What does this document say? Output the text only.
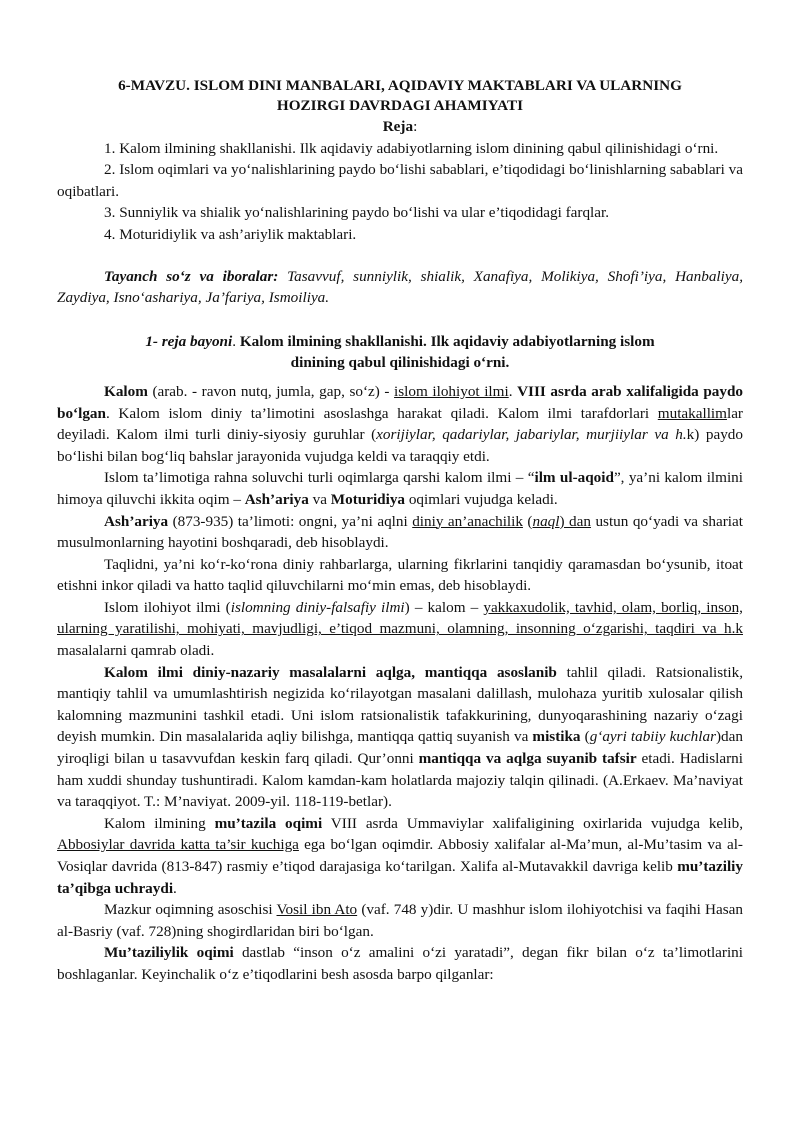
6-MAVZU. ISLOM DINI MANBALARI, AQIDAVIY MAKTABLARI VA ULARNING

HOZIRGI DAVRDAGI AHAMIYATI

Reja:

1. Kalom ilmining shakllanishi. Ilk aqidaviy adabiyotlarning islom dinining qabul qilinishidagi o‘rni.

2. Islom oqimlari va yo‘nalishlarining paydo bo‘lishi sabablari, e’tiqodidagi bo‘linishlarning sabablari va oqibatlari.

3. Sunniylik va shialik yo‘nalishlarining paydo bo‘lishi va ular e’tiqodidagi farqlar.

4. Moturidiylik va ash’ariylik maktablari.

Tayanch so‘z va iboralar: Tasavvuf, sunniylik, shialik, Xanafiya, Molikiya, Shofi’iya, Hanbaliya, Zaydiya, Isno‘ashariya, Ja’fariya, Ismoiliya.

1- reja bayoni. Kalom ilmining shakllanishi. Ilk aqidaviy adabiyotlarning islom

dinining qabul qilinishidagi o‘rni.

Kalom (arab. - ravon nutq, jumla, gap, so‘z) - islom ilohiyot ilmi. VIII asrda arab xalifaligida paydo bo‘lgan. Kalom islom diniy ta’limotini asoslashga harakat qiladi. Kalom ilmi tarafdorlari mutakallimlar deyiladi. Kalom ilmi turli diniy-siyosiy guruhlar (xorijiylar, qadariylar, jabariylar, murjiiylar va h.k) paydo bo‘lishi bilan bog‘liq bahslar jarayonida vujudga keldi va taraqqiy etdi.

Islom ta’limotiga rahna soluvchi turli oqimlarga qarshi kalom ilmi – “ilm ul-aqoid”, ya’ni kalom ilmini himoya qiluvchi ikkita oqim – Ash’ariya va Moturidiya oqimlari vujudga keladi.

Ash’ariya (873-935) ta’limoti: ongni, ya’ni aqlni diniy an’anachilik (naql) dan ustun qo‘yadi va shariat musulmonlarning hayotini boshqaradi, deb hisoblaydi.

Taqlidni, ya’ni ko‘r-ko‘rona diniy rahbarlarga, ularning fikrlarini tanqidiy qaramasdan bo‘ysunib, itoat etishni inkor qiladi va hatto taqlid qiluvchilarni mo‘min emas, deb hisoblaydi.

Islom ilohiyot ilmi (islomning diniy-falsafiy ilmi) – kalom – yakkaxudolik, tavhid, olam, borliq, inson, ularning yaratilishi, mohiyati, mavjudligi, e’tiqod mazmuni, olamning, insonning o‘zgarishi, taqdiri va h.k masalalarni qamrab oladi.

Kalom ilmi diniy-nazariy masalalarni aqlga, mantiqqa asoslanib tahlil qiladi. Ratsionalistik, mantiqiy tahlil va umumlashtirish negizida ko‘rilayotgan masalani dalillash, mulohaza yuritib xulosalar qilish kalomning mazmunini tashkil etadi. Uni islom ratsionalistik tafakkurining, dunyoqarashining nazariy o‘zagi deyish mumkin. Din masalalarida aqliy bilishga, mantiqqa qattiq suyanish va mistika (g‘ayri tabiiy kuchlar)dan yiroqligi bilan u tasavvufdan keskin farq qiladi. Qur’onni mantiqqa va aqlga suyanib tafsir etadi. Hadislarni ham xuddi shunday tushuntiradi. Kalom kamdan-kam holatlarda majoziy talqin qilinadi. (A.Erkaev. Ma’naviyat va taraqqiyot. T.: M’naviyat. 2009-yil. 118-119-betlar).

Kalom ilmining mu’tazila oqimi VIII asrda Ummaviylar xalifaligining oxirlarida vujudga kelib, Abbosiylar davrida katta ta’sir kuchiga ega bo‘lgan oqimdir. Abbosiy xalifalar al-Ma’mun, al-Mu’tasim va al-Vosiqlar davrida (813-847) rasmiy e’tiqod darajasiga ko‘tarilgan. Xalifa al-Mutavakkil davriga kelib mu’taziliy ta’qibga uchraydi.

Mazkur oqimning asoschisi Vosil ibn Ato (vaf. 748 y)dir. U mashhur islom ilohiyotchisi va faqihi Hasan al-Basriy (vaf. 728)ning shogirdlaridan biri bo‘lgan.

Mu’taziliylik oqimi dastlab “inson o‘z amalini o‘zi yaratadi”, degan fikr bilan o‘z ta’limotlarini boshlaganlar. Keyinchalik o‘z e’tiqodlarini besh asosda barpo qilganlar:
